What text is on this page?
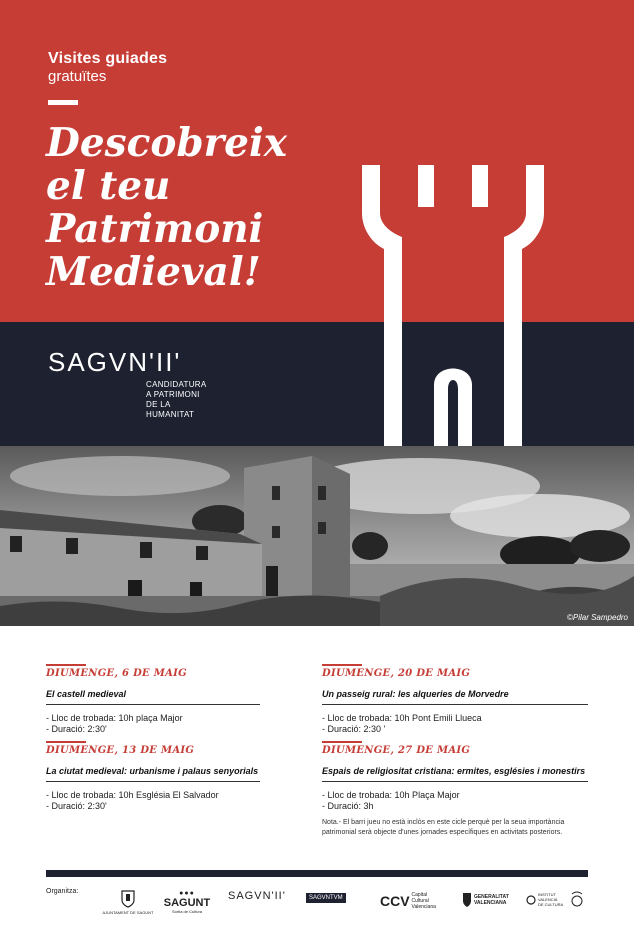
Visites guiades
gratuïtes
Descobreix
el teu
Patrimoni
Medieval!
SAGVN'II'
CANDIDATURA
A PATRIMONI
DE LA
HUMANITAT
©Pilar Sampedro
DIUMENGE, 6 DE MAIG
El castell medieval
- Lloc de trobada: 10h plaça Major
- Duració: 2:30'
DIUMENGE, 13 DE MAIG
La ciutat medieval: urbanisme i palaus senyorials
- Lloc de trobada: 10h Església El Salvador
- Duració: 2:30'
DIUMENGE, 20 DE MAIG
Un passeig rural: les alqueries de Morvedre
- Lloc de trobada: 10h Pont Emili Llueca
- Duració: 2:30 '
DIUMENGE, 27 DE MAIG
Espais de religiositat cristiana: ermites, esglésies i monestirs
- Lloc de trobada: 10h Plaça Major
- Duració: 3h
Nota.- El barri jueu no està inclòs en este cicle perquè per la seua importància patrimonial serà objecte d'unes jornades específiques en activitats posteriors.
Organitza:
AJUNTAMENT DE SAGUNT
●●●
SAGUNT
Sortia de Cultura
SAGVN'II'	SAGVNTVM	CCV Capital Cultural Valenciana
GENERALITAT VALENCIANA
INSTITUT VALENCIÀ DE CULTURA
